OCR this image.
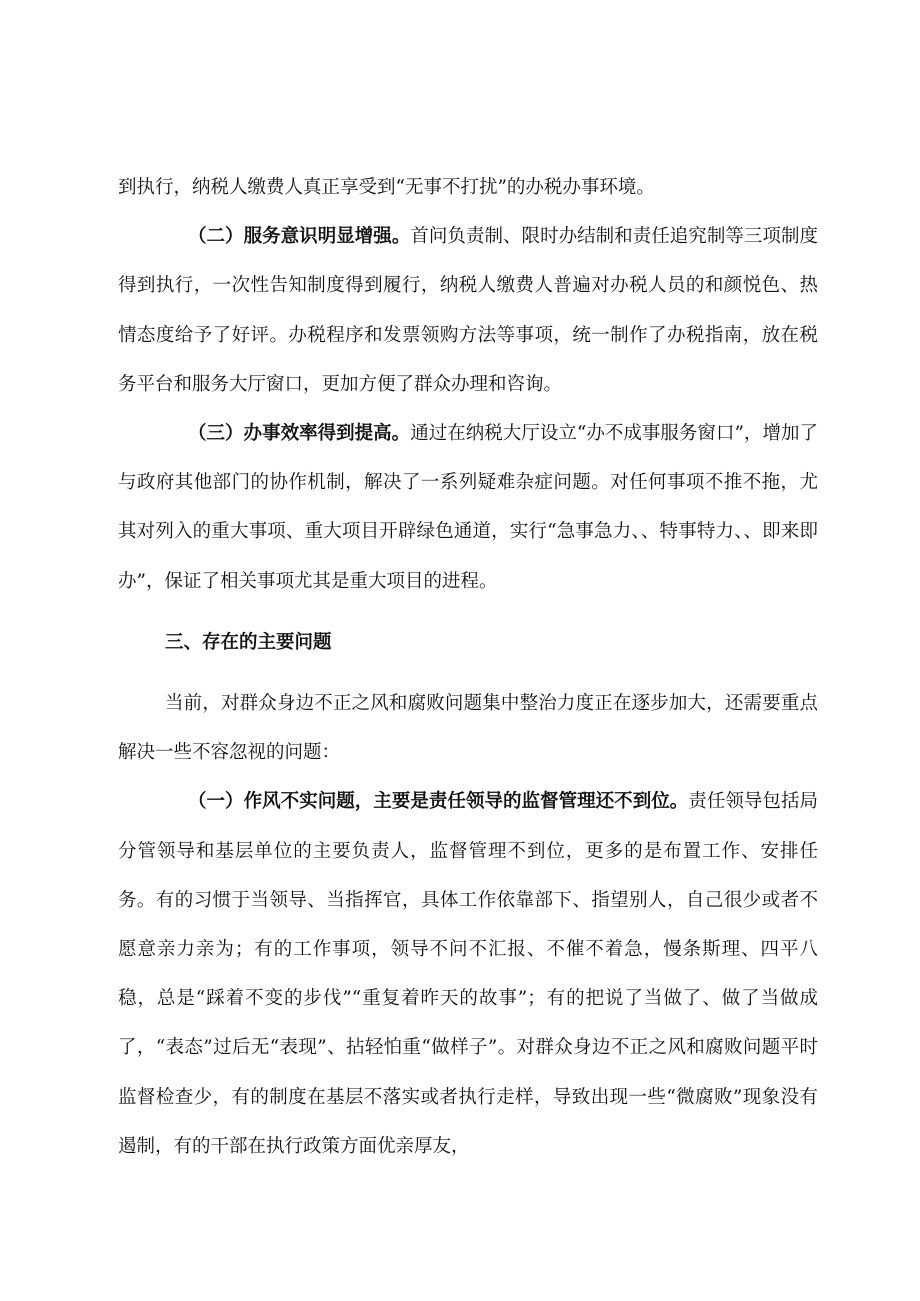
到执行，纳税人缴费人真正享受到“无事不打扰”的办税办事环境。

（二）服务意识明显增强。首问负责制、限时办结制和责任追究制等三项制度得到执行，一次性告知制度得到履行，纳税人缴费人普遍对办税人员的和颜悦色、热情态度给予了好评。办税程序和发票领购方法等事项，统一制作了办税指南，放在税务平台和服务大厅窗口，更加方便了群众办理和咨询。

（三）办事效率得到提高。通过在纳税大厅设立“办不成事服务窗口”，增加了与政府其他部门的协作机制，解决了一系列疑难杂症问题。对任何事项不推不拖，尤其对列入的重大事项、重大项目开辟绿色通道，实行“急事急力、、特事特力、、即来即办”，保证了相关事项尤其是重大项目的进程。

三、存在的主要问题

当前，对群众身边不正之风和腐败问题集中整治力度正在逐步加大，还需要重点解决一些不容忽视的问题：

（一）作风不实问题，主要是责任领导的监督管理还不到位。责任领导包括局分管领导和基层单位的主要负责人，监督管理不到位，更多的是布置工作、安排任务。有的习惯于当领导、当指挥官，具体工作依靠部下、指望别人，自己很少或者不愿意亲力亲为；有的工作事项，领导不问不汇报、不催不着急，慢条斯理、四平八稳，总是“踩着不变的步伐”“重复着昨天的故事”；有的把说了当做了、做了当做成了，“表态”过后无“表现”、拈轻怕重“做样子”。对群众身边不正之风和腐败问题平时监督检查少，有的制度在基层不落实或者执行走样，导致出现一些“微腐败”现象没有遏制，有的干部在执行政策方面优亲厚友，
